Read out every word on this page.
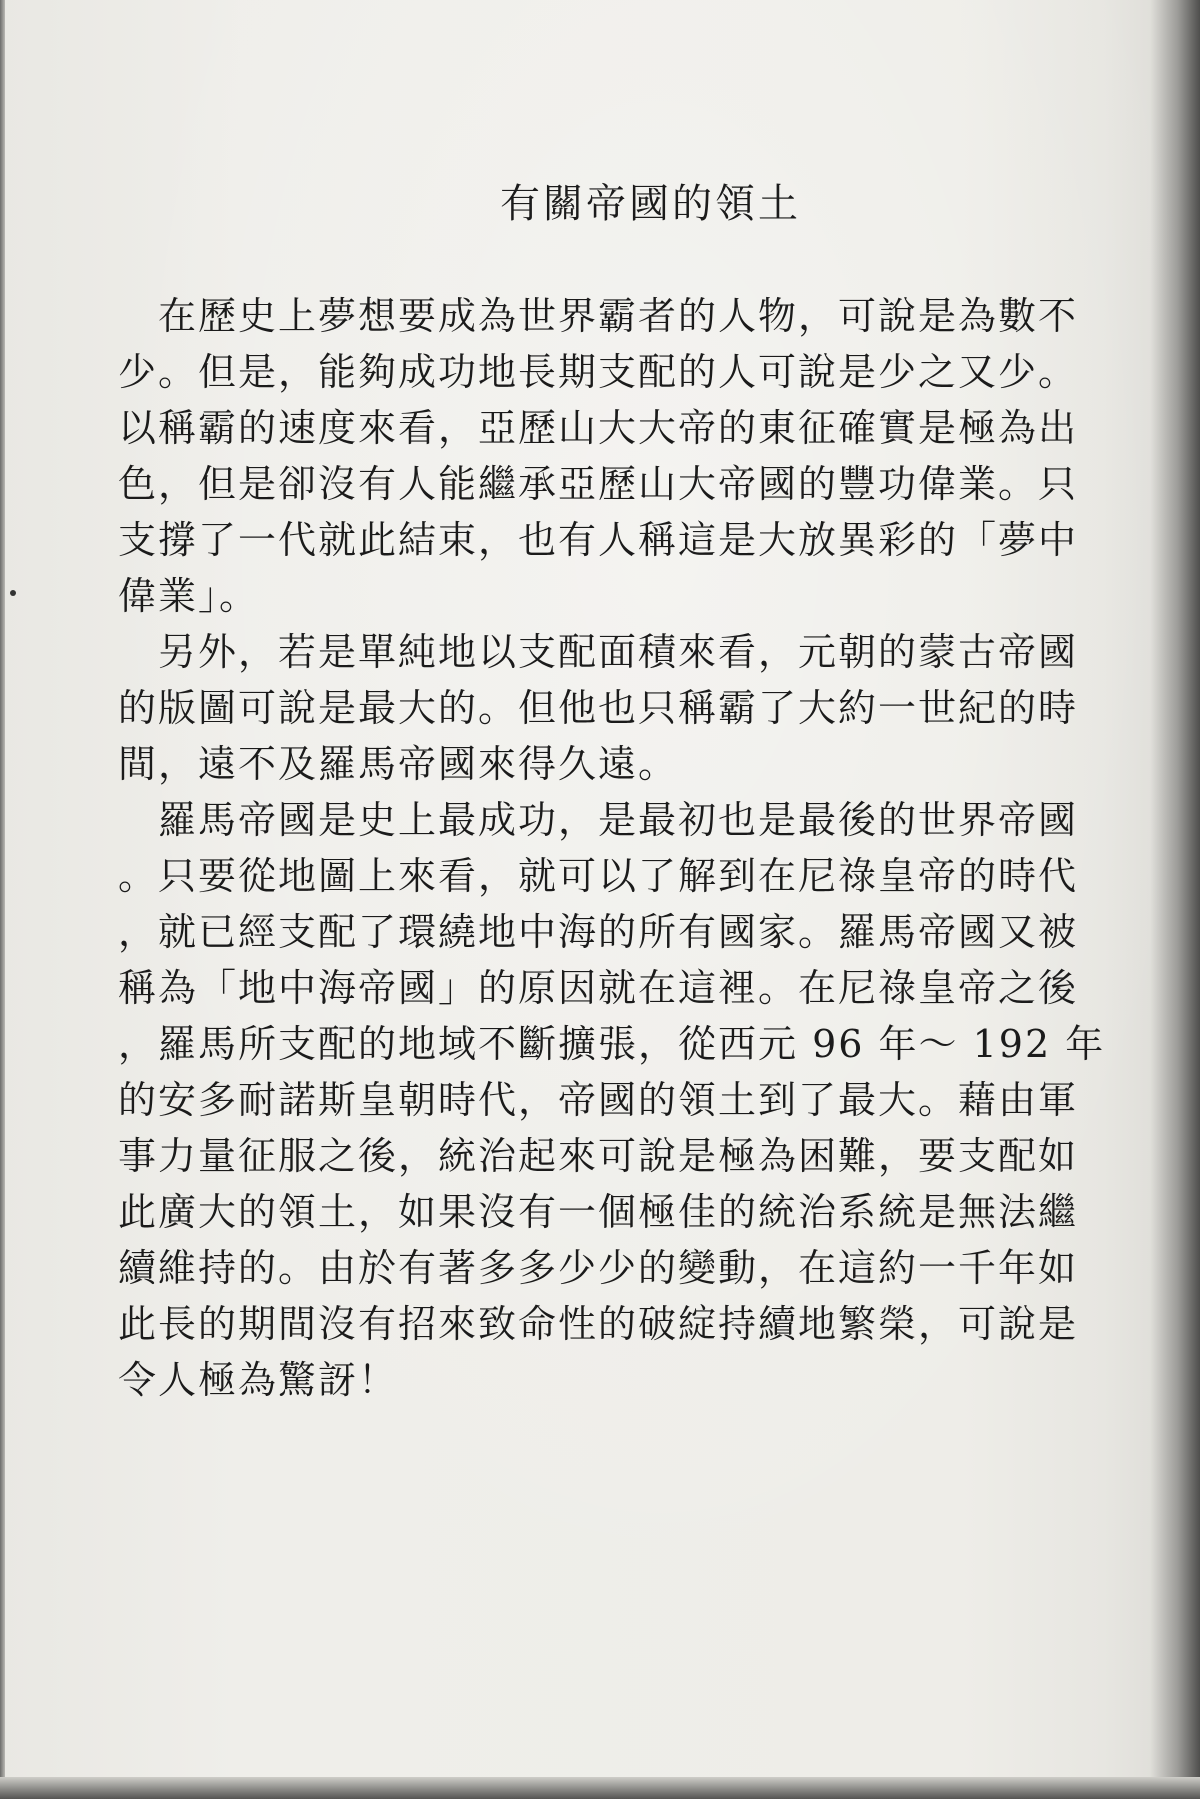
有關帝國的領土

　在歷史上夢想要成為世界霸者的人物，可說是為數不

少。但是，能夠成功地長期支配的人可說是少之又少。

以稱霸的速度來看，亞歷山大大帝的東征確實是極為出

色，但是卻沒有人能繼承亞歷山大帝國的豐功偉業。只

支撐了一代就此結束，也有人稱這是大放異彩的「夢中

偉業」。

　另外，若是單純地以支配面積來看，元朝的蒙古帝國

的版圖可說是最大的。但他也只稱霸了大約一世紀的時

間，遠不及羅馬帝國來得久遠。

　羅馬帝國是史上最成功，是最初也是最後的世界帝國

。只要從地圖上來看，就可以了解到在尼祿皇帝的時代

，就已經支配了環繞地中海的所有國家。羅馬帝國又被

稱為「地中海帝國」的原因就在這裡。在尼祿皇帝之後

，羅馬所支配的地域不斷擴張，從西元 96 年～ 192 年

的安多耐諾斯皇朝時代，帝國的領土到了最大。藉由軍

事力量征服之後，統治起來可說是極為困難，要支配如

此廣大的領土，如果沒有一個極佳的統治系統是無法繼

續維持的。由於有著多多少少的變動，在這約一千年如

此長的期間沒有招來致命性的破綻持續地繁榮，可說是

令人極為驚訝！
